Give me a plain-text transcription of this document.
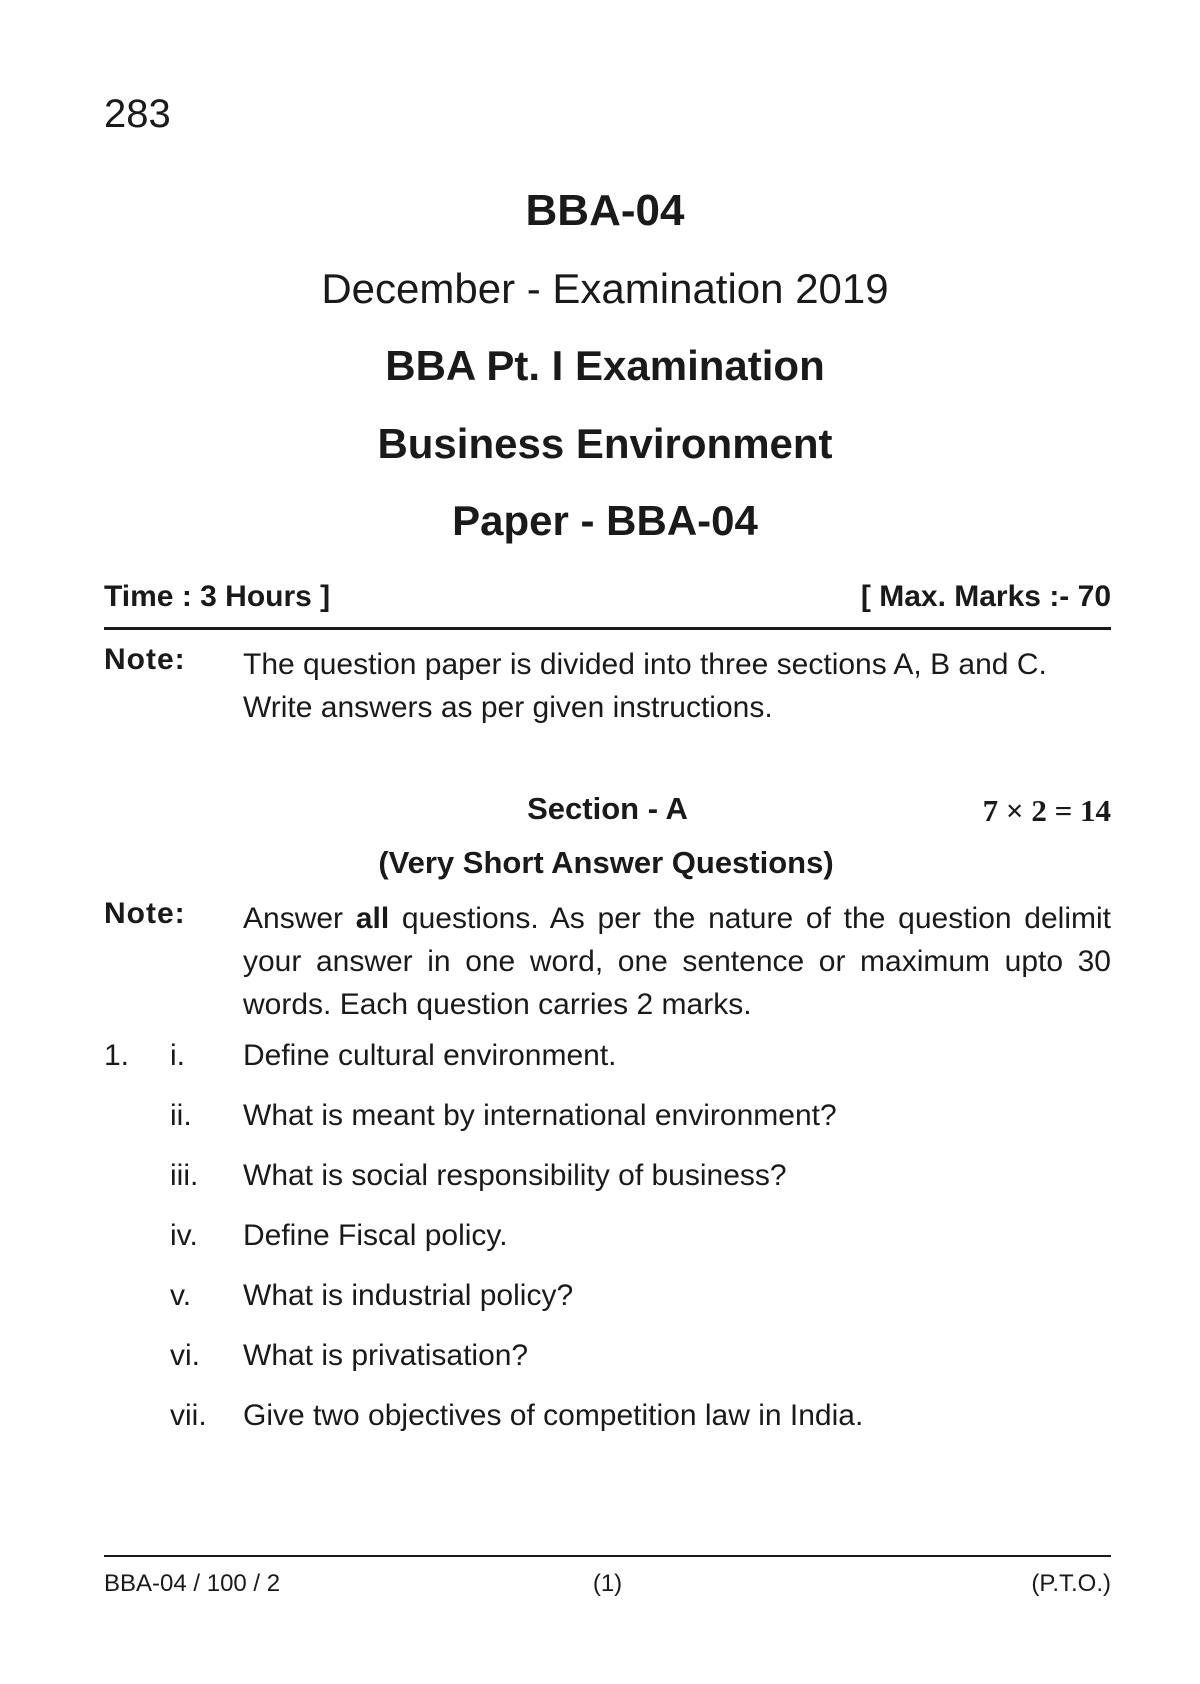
283
BBA-04
December - Examination 2019
BBA Pt. I Examination
Business Environment
Paper - BBA-04
Time : 3 Hours ]	[ Max. Marks :- 70
Note: The question paper is divided into three sections A, B and C. Write answers as per given instructions.
Section - A	7 × 2 = 14
(Very Short Answer Questions)
Note: Answer all questions. As per the nature of the question delimit your answer in one word, one sentence or maximum upto 30 words. Each question carries 2 marks.
1. i. Define cultural environment.
ii. What is meant by international environment?
iii. What is social responsibility of business?
iv. Define Fiscal policy.
v. What is industrial policy?
vi. What is privatisation?
vii. Give two objectives of competition law in India.
BBA-04 / 100 / 2	(1)	(P.T.O.)
